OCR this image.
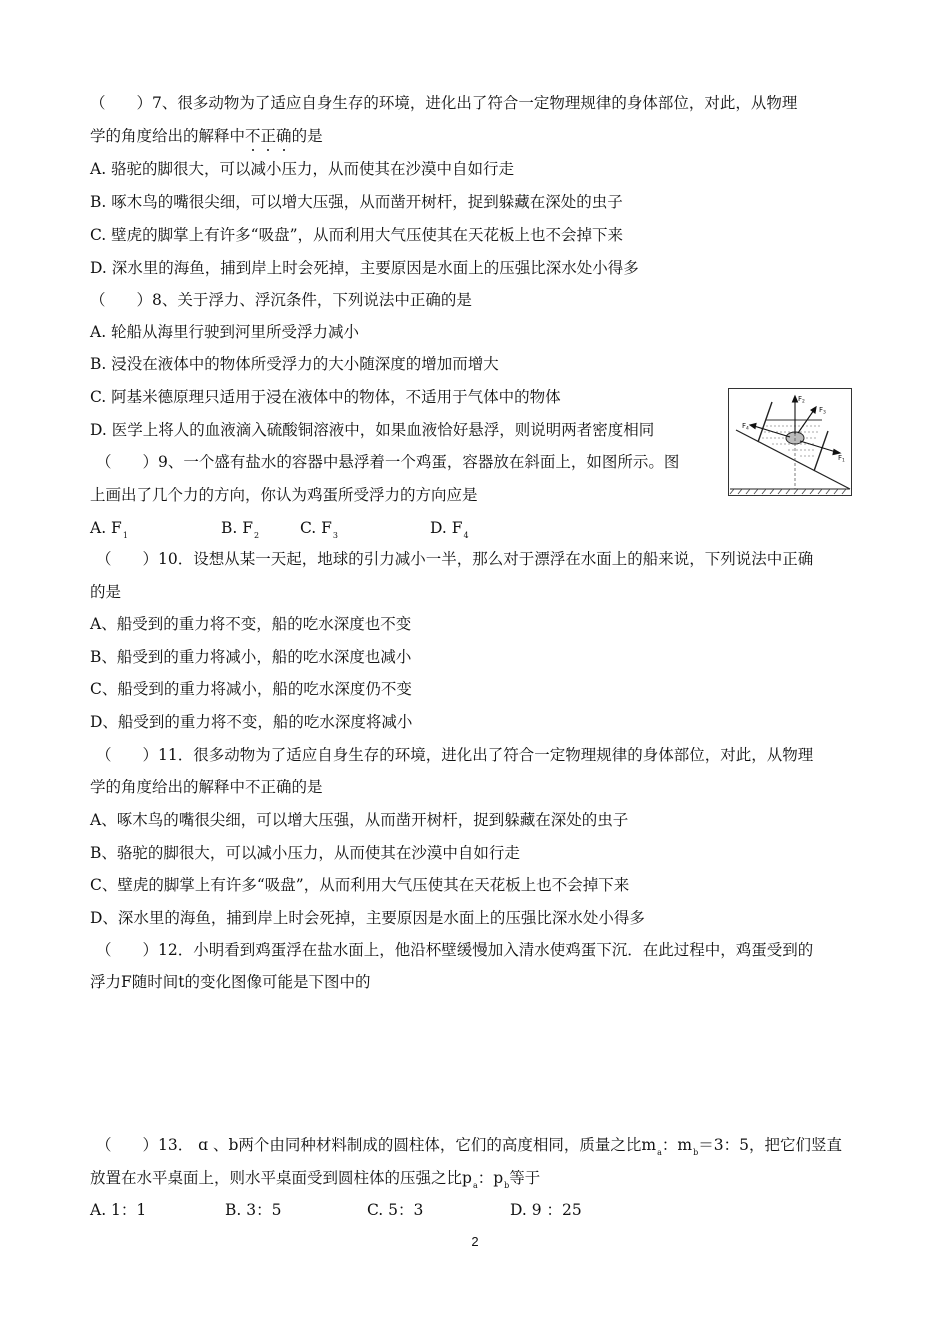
（　　）7、很多动物为了适应自身生存的环境，进化出了符合一定物理规律的身体部位，对此，从物理
学的角度给出的解释中不正确的是
A. 骆驼的脚很大，可以减小压力，从而使其在沙漠中自如行走
B. 啄木鸟的嘴很尖细，可以增大压强，从而凿开树杆，捉到躲藏在深处的虫子
C. 壁虎的脚掌上有许多“吸盘”，从而利用大气压使其在天花板上也不会掉下来
D. 深水里的海鱼，捕到岸上时会死掉，主要原因是水面上的压强比深水处小得多
（　　）8、关于浮力、浮沉条件，下列说法中正确的是
A. 轮船从海里行驶到河里所受浮力减小
B. 浸没在液体中的物体所受浮力的大小随深度的增加而增大
C. 阿基米德原理只适用于浸在液体中的物体，不适用于气体中的物体
D. 医学上将人的血液滴入硫酸铜溶液中，如果血液恰好悬浮，则说明两者密度相同
$F_2$
$F_3$
$F_4$
$F_1$
（　　）9、一个盛有盐水的容器中悬浮着一个鸡蛋，容器放在斜面上，如图所示。图
上画出了几个力的方向，你认为鸡蛋所受浮力的方向应是
A. $F_1$	B. $F_2$	C. $F_3$	D. $F_4$
（　　）10．设想从某一天起，地球的引力减小一半，那么对于漂浮在水面上的船来说，下列说法中正确
的是
A、船受到的重力将不变，船的吃水深度也不变
B、船受到的重力将减小，船的吃水深度也减小
C、船受到的重力将减小，船的吃水深度仍不变
D、船受到的重力将不变，船的吃水深度将减小
（　　）11．很多动物为了适应自身生存的环境，进化出了符合一定物理规律的身体部位，对此，从物理
学的角度给出的解释中不正确的是
A、啄木鸟的嘴很尖细，可以增大压强，从而凿开树杆，捉到躲藏在深处的虫子
B、骆驼的脚很大，可以减小压力，从而使其在沙漠中自如行走
C、壁虎的脚掌上有许多“吸盘”，从而利用大气压使其在天花板上也不会掉下来
D、深水里的海鱼，捕到岸上时会死掉，主要原因是水面上的压强比深水处小得多
（　　）12．小明看到鸡蛋浮在盐水面上，他沿杯壁缓慢加入清水使鸡蛋下沉．在此过程中，鸡蛋受到的
浮力F随时间t的变化图像可能是下图中的
（　　）13． ɑ 、b两个由同种材料制成的圆柱体，它们的高度相同，质量之比$m_a$：$m_b=3$：5，把它们竖直
放置在水平桌面上，则水平桌面受到圆柱体的压强之比$p_a$：$p_b$等于
A. 1：1	B. 3：5	C. 5：3	D. 9 ：25
2
